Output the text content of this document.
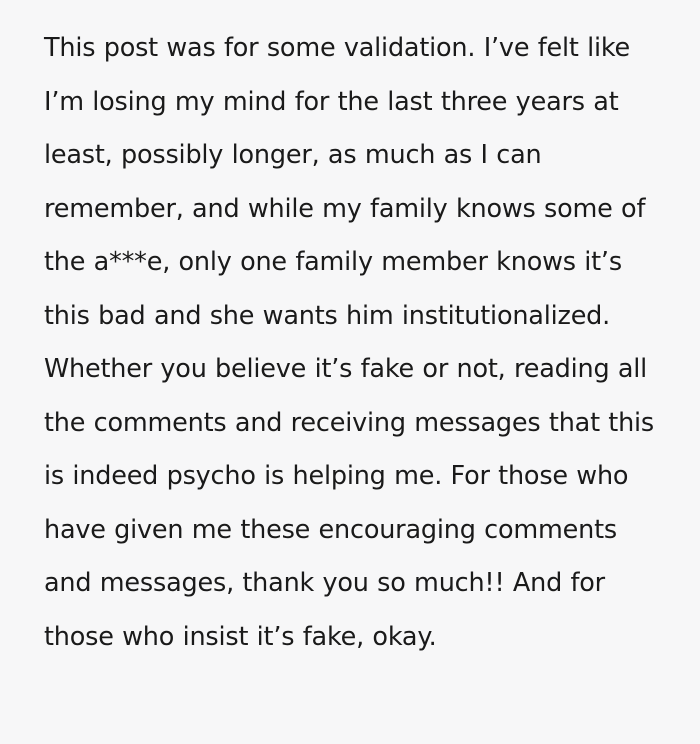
This post was for some validation. I’ve felt like I’m losing my mind for the last three years at least, possibly longer, as much as I can remember, and while my family knows some of the a***e, only one family member knows it’s this bad and she wants him institutionalized. Whether you believe it’s fake or not, reading all the comments and receiving messages that this is indeed psycho is helping me. For those who have given me these encouraging comments and messages, thank you so much!! And for those who insist it’s fake, okay.
